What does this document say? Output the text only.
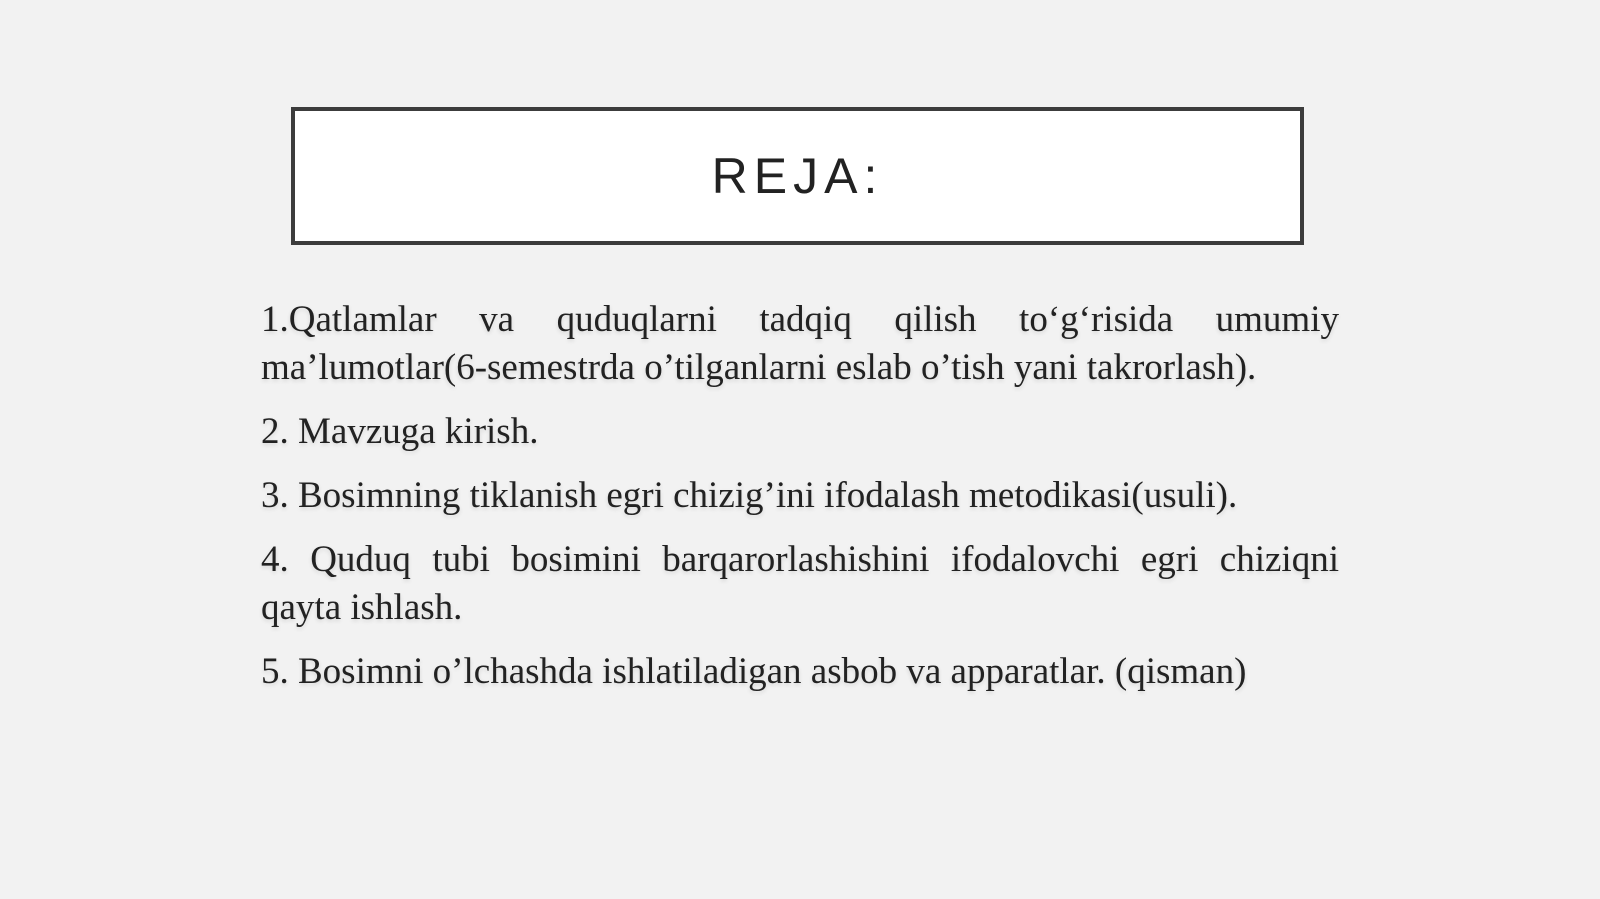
REJA:
1.Qatlamlar va quduqlarni tadqiq qilish to‘g‘risida umumiy ma’lumotlar(6-semestrda o’tilganlarni eslab o’tish yani takrorlash).
2. Mavzuga kirish.
3. Bosimning tiklanish egri chizig’ini ifodalash metodikasi(usuli).
4. Quduq tubi bosimini barqarorlashishini ifodalovchi egri chiziqni qayta ishlash.
5. Bosimni o’lchashda ishlatiladigan asbob va apparatlar. (qisman)
